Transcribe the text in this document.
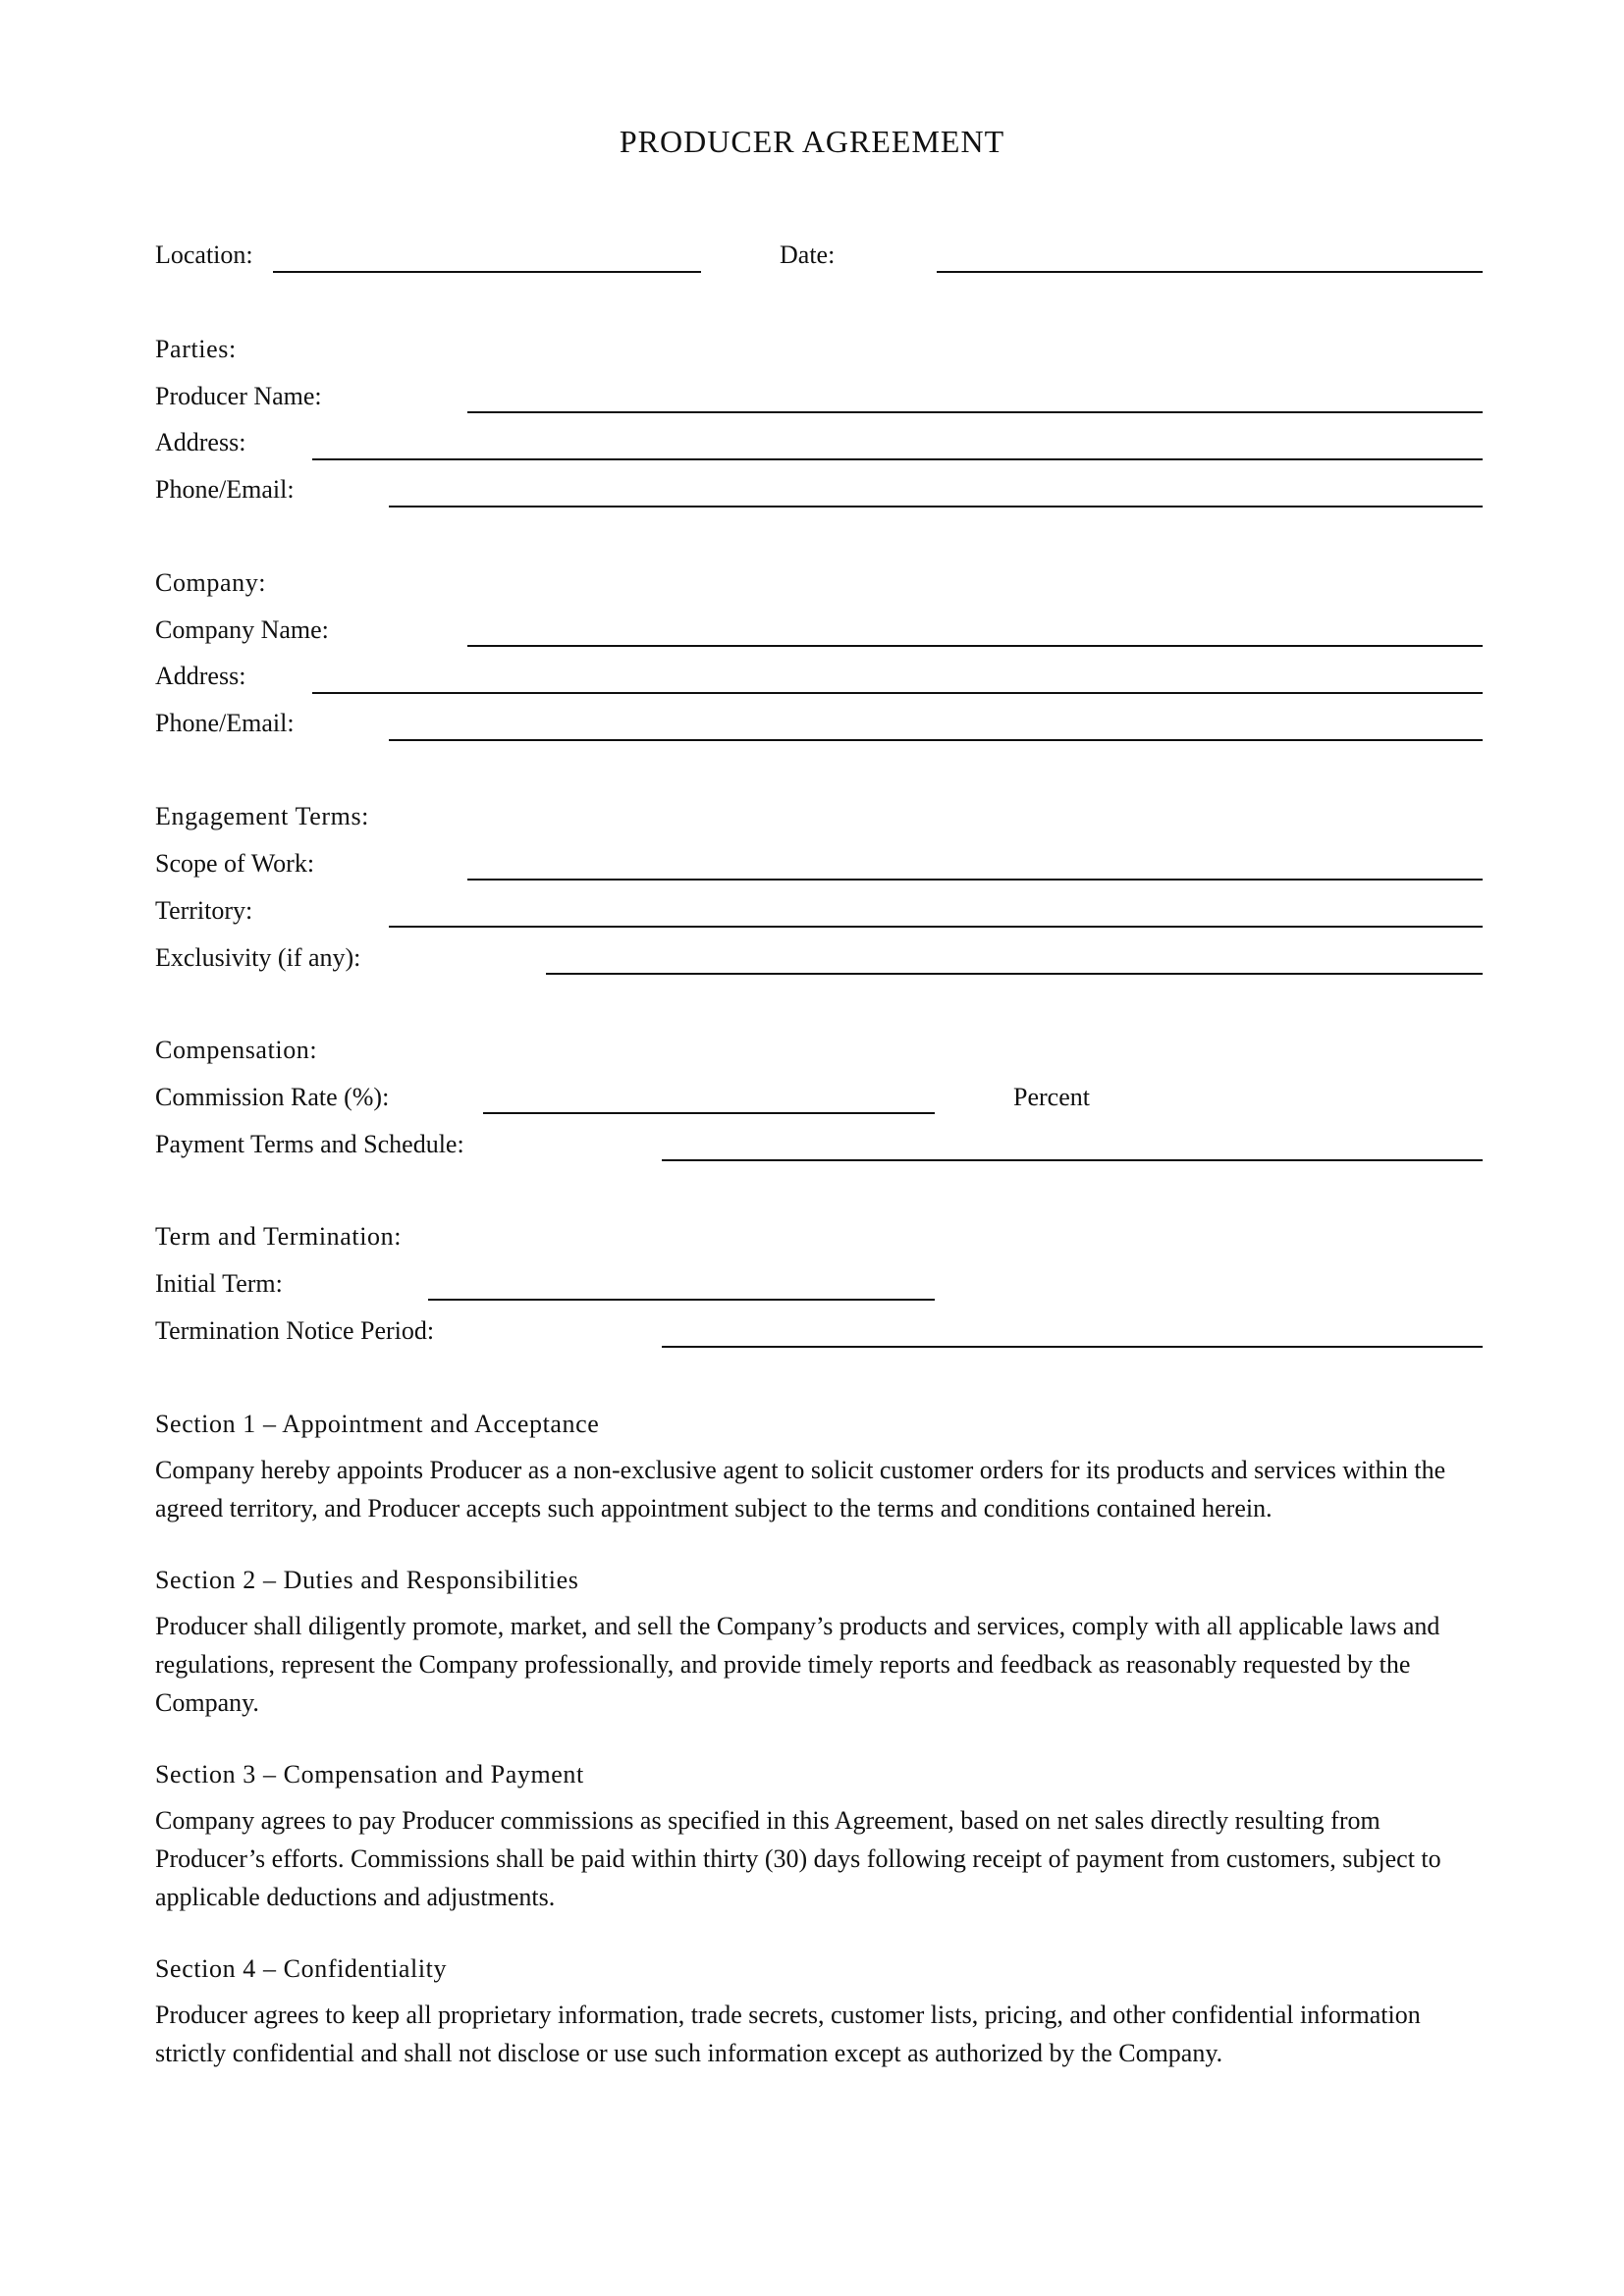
PRODUCER AGREEMENT
Location:	Date:
Parties:
Producer Name:
Address:
Phone/Email:
Company:
Company Name:
Address:
Phone/Email:
Engagement Terms:
Scope of Work:
Territory:
Exclusivity (if any):
Compensation:
Commission Rate (%):	Percent
Payment Terms and Schedule:
Term and Termination:
Initial Term:
Termination Notice Period:
Section 1 – Appointment and Acceptance

Company hereby appoints Producer as a non-exclusive agent to solicit customer orders for its products and services within the agreed territory, and Producer accepts such appointment subject to the terms and conditions contained herein.

Section 2 – Duties and Responsibilities

Producer shall diligently promote, market, and sell the Company’s products and services, comply with all applicable laws and regulations, represent the Company professionally, and provide timely reports and feedback as reasonably requested by the Company.

Section 3 – Compensation and Payment

Company agrees to pay Producer commissions as specified in this Agreement, based on net sales directly resulting from Producer’s efforts. Commissions shall be paid within thirty (30) days following receipt of payment from customers, subject to applicable deductions and adjustments.

Section 4 – Confidentiality

Producer agrees to keep all proprietary information, trade secrets, customer lists, pricing, and other confidential information strictly confidential and shall not disclose or use such information except as authorized by the Company.
